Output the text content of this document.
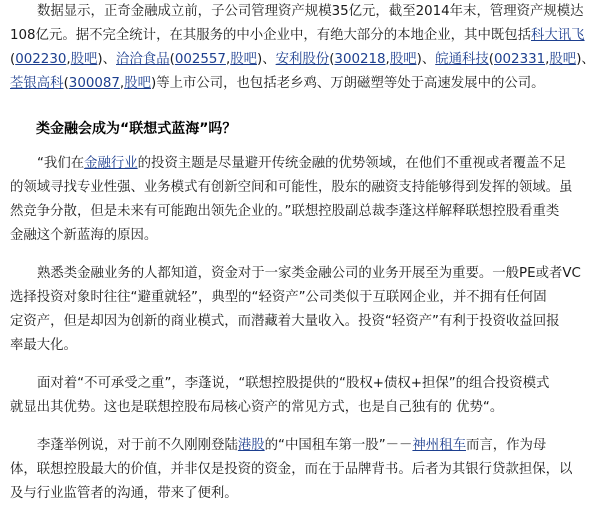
数据显示，正奇金融成立前，子公司管理资产规模35亿元，截至2014年末，管理资产规模达
108亿元。据不完全统计，在其服务的中小企业中，有绝大部分的本地企业，其中既包括科大讯飞
(002230,股吧)、洽洽食品(002557,股吧)、安利股份(300218,股吧)、皖通科技(002331,股吧)、
荃银高科(300087,股吧)等上市公司，也包括老乡鸡、万朗磁塑等处于高速发展中的公司。
类金融会成为“联想式蓝海”吗？
“我们在金融行业的投资主题是尽量避开传统金融的优势领域，在他们不重视或者覆盖不足
的领域寻找专业性强、业务模式有创新空间和可能性，股东的融资支持能够得到发挥的领域。虽
然竞争分散，但是未来有可能跑出领先企业的。”联想控股副总裁李蓬这样解释联想控股看重类
金融这个新蓝海的原因。
熟悉类金融业务的人都知道，资金对于一家类金融公司的业务开展至为重要。一般PE或者VC
选择投资对象时往往“避重就轻”，典型的“轻资产”公司类似于互联网企业，并不拥有任何固
定资产，但是却因为创新的商业模式，而潜藏着大量收入。投资“轻资产”有利于投资收益回报
率最大化。
面对着“不可承受之重”，李蓬说，“联想控股提供的“股权+债权+担保”的组合投资模式
就显出其优势。这也是联想控股布局核心资产的常见方式，也是自己独有的 优势“。
李蓬举例说，对于前不久刚刚登陆港股的“中国租车第一股”－－神州租车而言，作为母
体，联想控股最大的价值，并非仅是投资的资金，而在于品牌背书。后者为其银行贷款担保，以
及与行业监管者的沟通，带来了便利。
